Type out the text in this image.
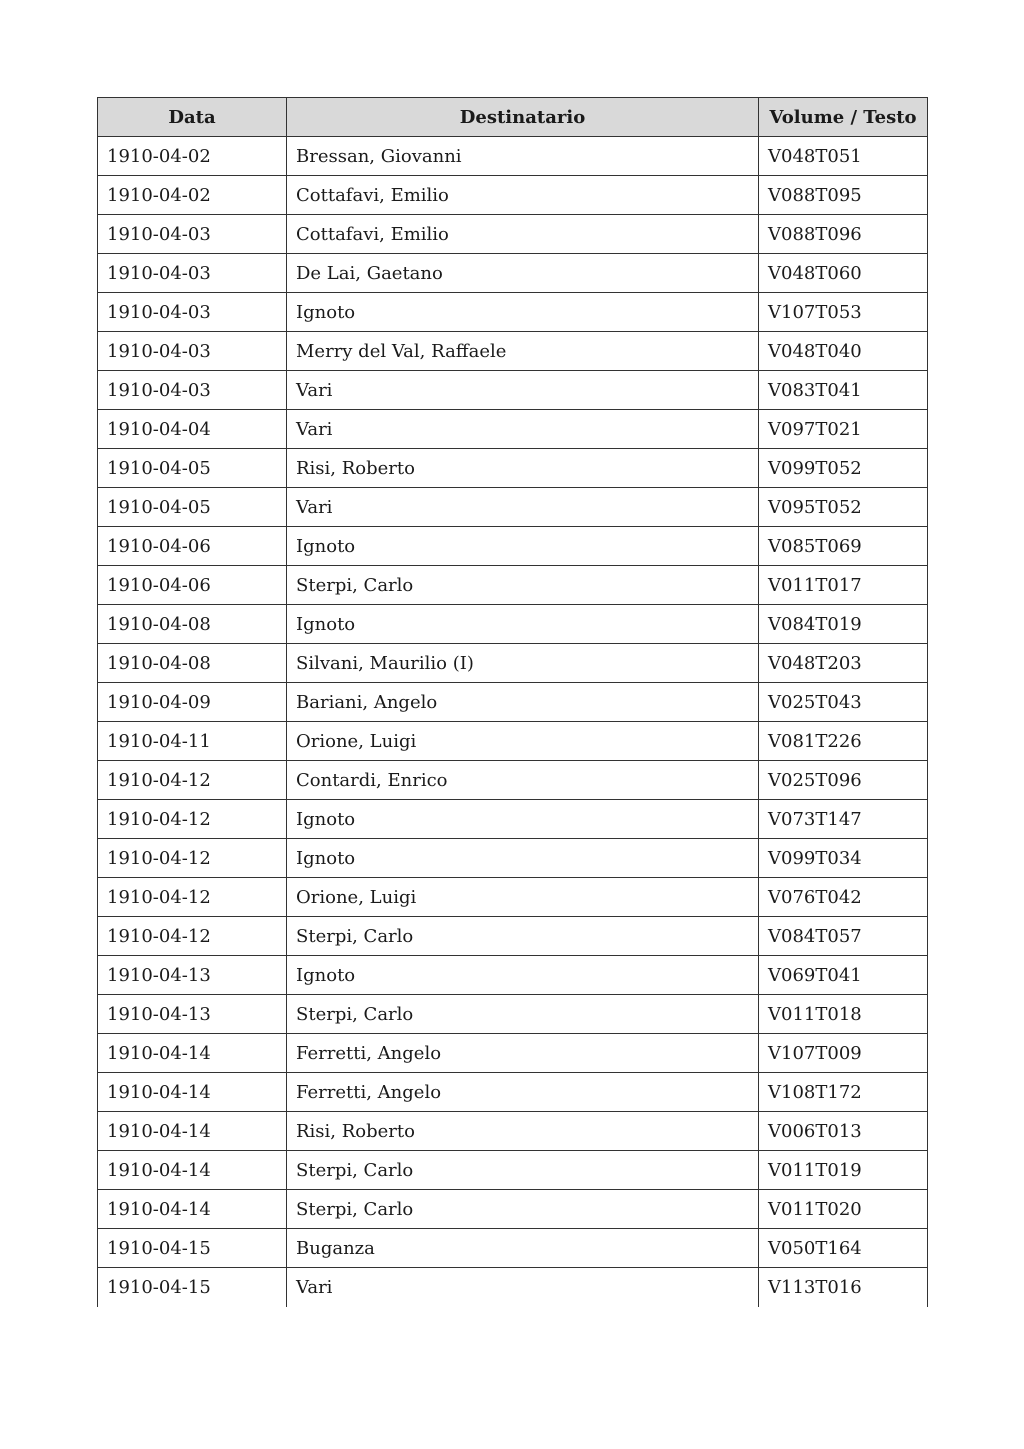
Data	Destinatario	Volume / Testo
1910-04-02	Bressan, Giovanni	V048T051
1910-04-02	Cottafavi, Emilio	V088T095
1910-04-03	Cottafavi, Emilio	V088T096
1910-04-03	De Lai, Gaetano	V048T060
1910-04-03	Ignoto	V107T053
1910-04-03	Merry del Val, Raffaele	V048T040
1910-04-03	Vari	V083T041
1910-04-04	Vari	V097T021
1910-04-05	Risi, Roberto	V099T052
1910-04-05	Vari	V095T052
1910-04-06	Ignoto	V085T069
1910-04-06	Sterpi, Carlo	V011T017
1910-04-08	Ignoto	V084T019
1910-04-08	Silvani, Maurilio (I)	V048T203
1910-04-09	Bariani, Angelo	V025T043
1910-04-11	Orione, Luigi	V081T226
1910-04-12	Contardi, Enrico	V025T096
1910-04-12	Ignoto	V073T147
1910-04-12	Ignoto	V099T034
1910-04-12	Orione, Luigi	V076T042
1910-04-12	Sterpi, Carlo	V084T057
1910-04-13	Ignoto	V069T041
1910-04-13	Sterpi, Carlo	V011T018
1910-04-14	Ferretti, Angelo	V107T009
1910-04-14	Ferretti, Angelo	V108T172
1910-04-14	Risi, Roberto	V006T013
1910-04-14	Sterpi, Carlo	V011T019
1910-04-14	Sterpi, Carlo	V011T020
1910-04-15	Buganza	V050T164
1910-04-15	Vari	V113T016
